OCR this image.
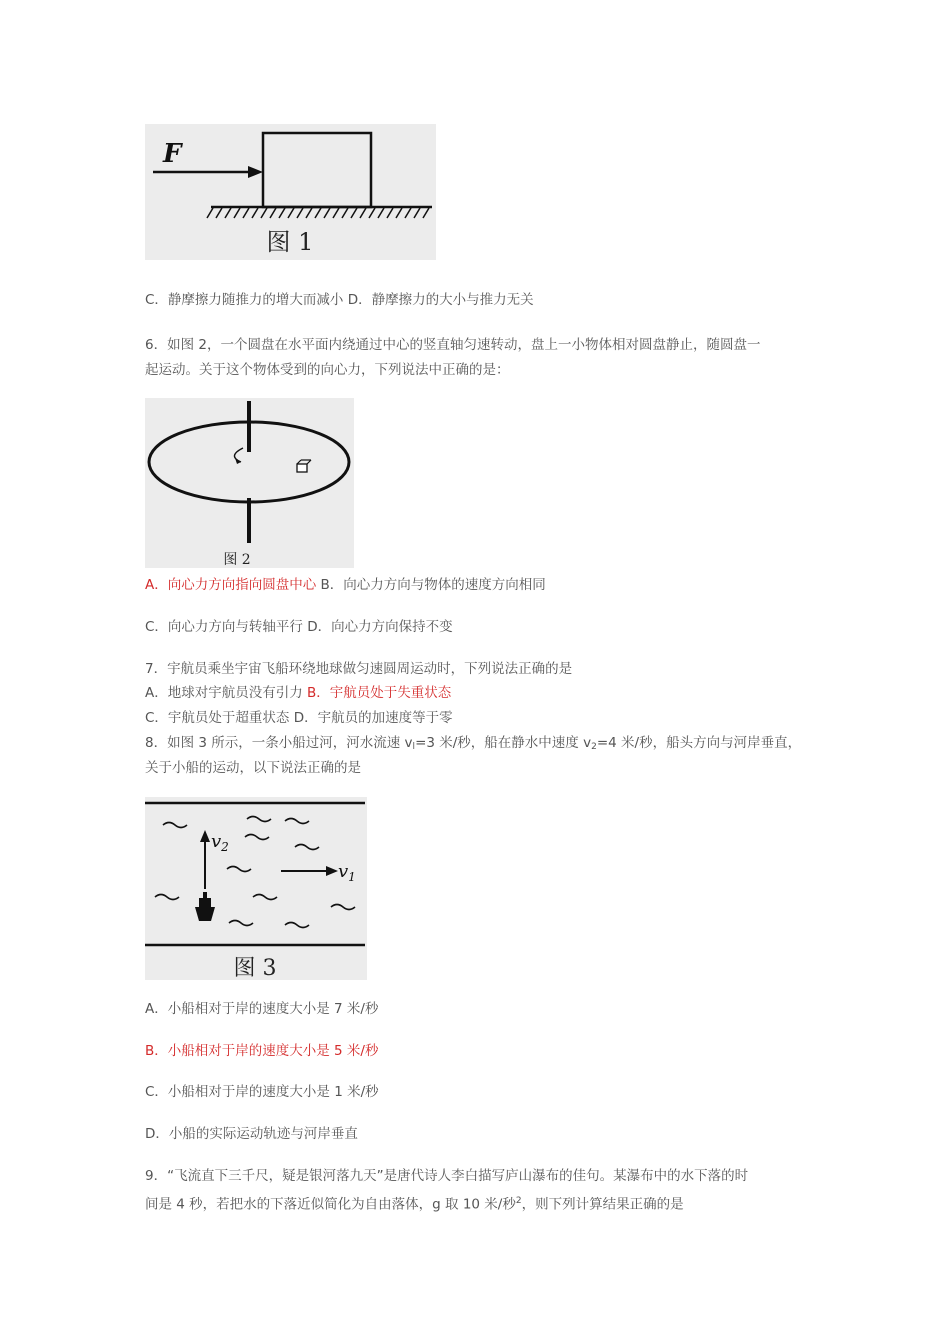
F
图 1
C．静摩擦力随推力的增大而减小 D．静摩擦力的大小与推力无关
6．如图 2，一个圆盘在水平面内绕通过中心的竖直轴匀速转动，盘上一小物体相对圆盘静止，随圆盘一
起运动。关于这个物体受到的向心力，下列说法中正确的是：
图 2
A．向心力方向指向圆盘中心 B．向心力方向与物体的速度方向相同
C．向心力方向与转轴平行 D．向心力方向保持不变
7．宇航员乘坐宇宙飞船环绕地球做匀速圆周运动时，下列说法正确的是
A．地球对宇航员没有引力 B．宇航员处于失重状态
C．宇航员处于超重状态 D．宇航员的加速度等于零
8．如图 3 所示，一条小船过河，河水流速 $v_l=3$ 米/秒，船在静水中速度 $v_2=4$ 米/秒，船头方向与河岸垂直，
关于小船的运动，以下说法正确的是
$v_2$
$v_1$
图 3
A．小船相对于岸的速度大小是 7 米/秒
B．小船相对于岸的速度大小是 5 米/秒
C．小船相对于岸的速度大小是 1 米/秒
D．小船的实际运动轨迹与河岸垂直
9．“飞流直下三千尺，疑是银河落九天”是唐代诗人李白描写庐山瀑布的佳句。某瀑布中的水下落的时
间是 4 秒，若把水的下落近似简化为自由落体，g 取 10 米/秒$^2$，则下列计算结果正确的是
